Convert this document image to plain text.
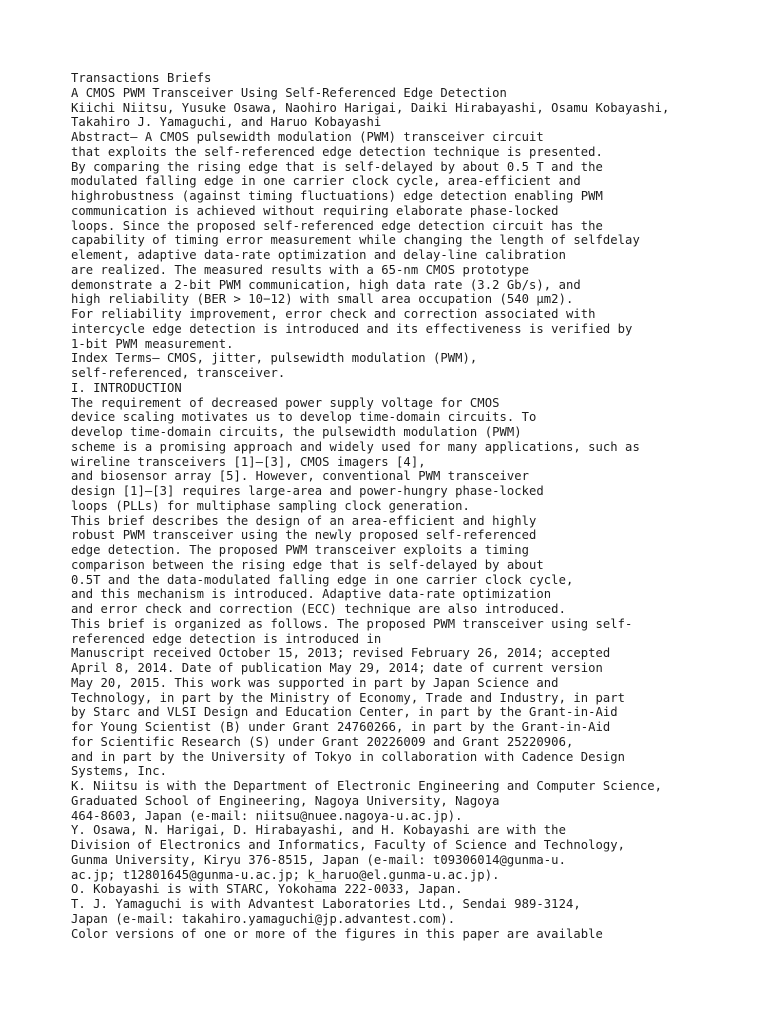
Transactions Briefs
A CMOS PWM Transceiver Using Self-Referenced Edge Detection
Kiichi Niitsu, Yusuke Osawa, Naohiro Harigai, Daiki Hirabayashi, Osamu Kobayashi,
Takahiro J. Yamaguchi, and Haruo Kobayashi
Abstract— A CMOS pulsewidth modulation (PWM) transceiver circuit
that exploits the self-referenced edge detection technique is presented.
By comparing the rising edge that is self-delayed by about 0.5 T and the
modulated falling edge in one carrier clock cycle, area-efficient and
highrobustness (against timing fluctuations) edge detection enabling PWM
communication is achieved without requiring elaborate phase-locked
loops. Since the proposed self-referenced edge detection circuit has the
capability of timing error measurement while changing the length of selfdelay
element, adaptive data-rate optimization and delay-line calibration
are realized. The measured results with a 65-nm CMOS prototype
demonstrate a 2-bit PWM communication, high data rate (3.2 Gb/s), and
high reliability (BER > 10−12) with small area occupation (540 μm2).
For reliability improvement, error check and correction associated with
intercycle edge detection is introduced and its effectiveness is verified by
1-bit PWM measurement.
Index Terms— CMOS, jitter, pulsewidth modulation (PWM),
self-referenced, transceiver.
I. INTRODUCTION
The requirement of decreased power supply voltage for CMOS
device scaling motivates us to develop time-domain circuits. To
develop time-domain circuits, the pulsewidth modulation (PWM)
scheme is a promising approach and widely used for many applications, such as
wireline transceivers [1]–[3], CMOS imagers [4],
and biosensor array [5]. However, conventional PWM transceiver
design [1]–[3] requires large-area and power-hungry phase-locked
loops (PLLs) for multiphase sampling clock generation.
This brief describes the design of an area-efficient and highly
robust PWM transceiver using the newly proposed self-referenced
edge detection. The proposed PWM transceiver exploits a timing
comparison between the rising edge that is self-delayed by about
0.5T and the data-modulated falling edge in one carrier clock cycle,
and this mechanism is introduced. Adaptive data-rate optimization
and error check and correction (ECC) technique are also introduced.
This brief is organized as follows. The proposed PWM transceiver using self-
referenced edge detection is introduced in
Manuscript received October 15, 2013; revised February 26, 2014; accepted
April 8, 2014. Date of publication May 29, 2014; date of current version
May 20, 2015. This work was supported in part by Japan Science and
Technology, in part by the Ministry of Economy, Trade and Industry, in part
by Starc and VLSI Design and Education Center, in part by the Grant-in-Aid
for Young Scientist (B) under Grant 24760266, in part by the Grant-in-Aid
for Scientific Research (S) under Grant 20226009 and Grant 25220906,
and in part by the University of Tokyo in collaboration with Cadence Design
Systems, Inc.
K. Niitsu is with the Department of Electronic Engineering and Computer Science,
Graduated School of Engineering, Nagoya University, Nagoya
464-8603, Japan (e-mail: niitsu@nuee.nagoya-u.ac.jp).
Y. Osawa, N. Harigai, D. Hirabayashi, and H. Kobayashi are with the
Division of Electronics and Informatics, Faculty of Science and Technology,
Gunma University, Kiryu 376-8515, Japan (e-mail: t09306014@gunma-u.
ac.jp; t12801645@gunma-u.ac.jp; k_haruo@el.gunma-u.ac.jp).
O. Kobayashi is with STARC, Yokohama 222-0033, Japan.
T. J. Yamaguchi is with Advantest Laboratories Ltd., Sendai 989-3124,
Japan (e-mail: takahiro.yamaguchi@jp.advantest.com).
Color versions of one or more of the figures in this paper are available
